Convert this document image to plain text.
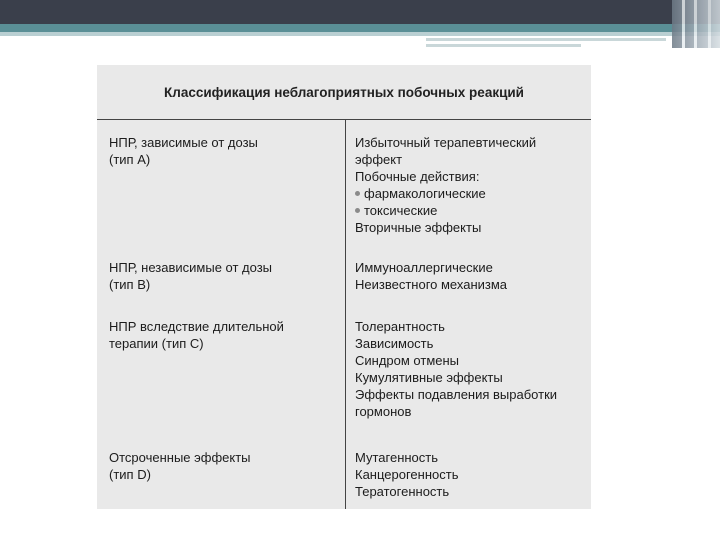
Классификация неблагоприятных побочных реакций
НПР, зависимые от дозы
(тип А)
Избыточный терапевтический
эффект
Побочные действия:
фармакологические
токсические
Вторичные эффекты
НПР, независимые от дозы
(тип В)
Иммуноаллергические
Неизвестного механизма
НПР вследствие длительной
терапии (тип С)
Толерантность
Зависимость
Синдром отмены
Кумулятивные эффекты
Эффекты подавления выработки
гормонов
Отсроченные эффекты
(тип D)
Мутагенность
Канцерогенность
Тератогенность
